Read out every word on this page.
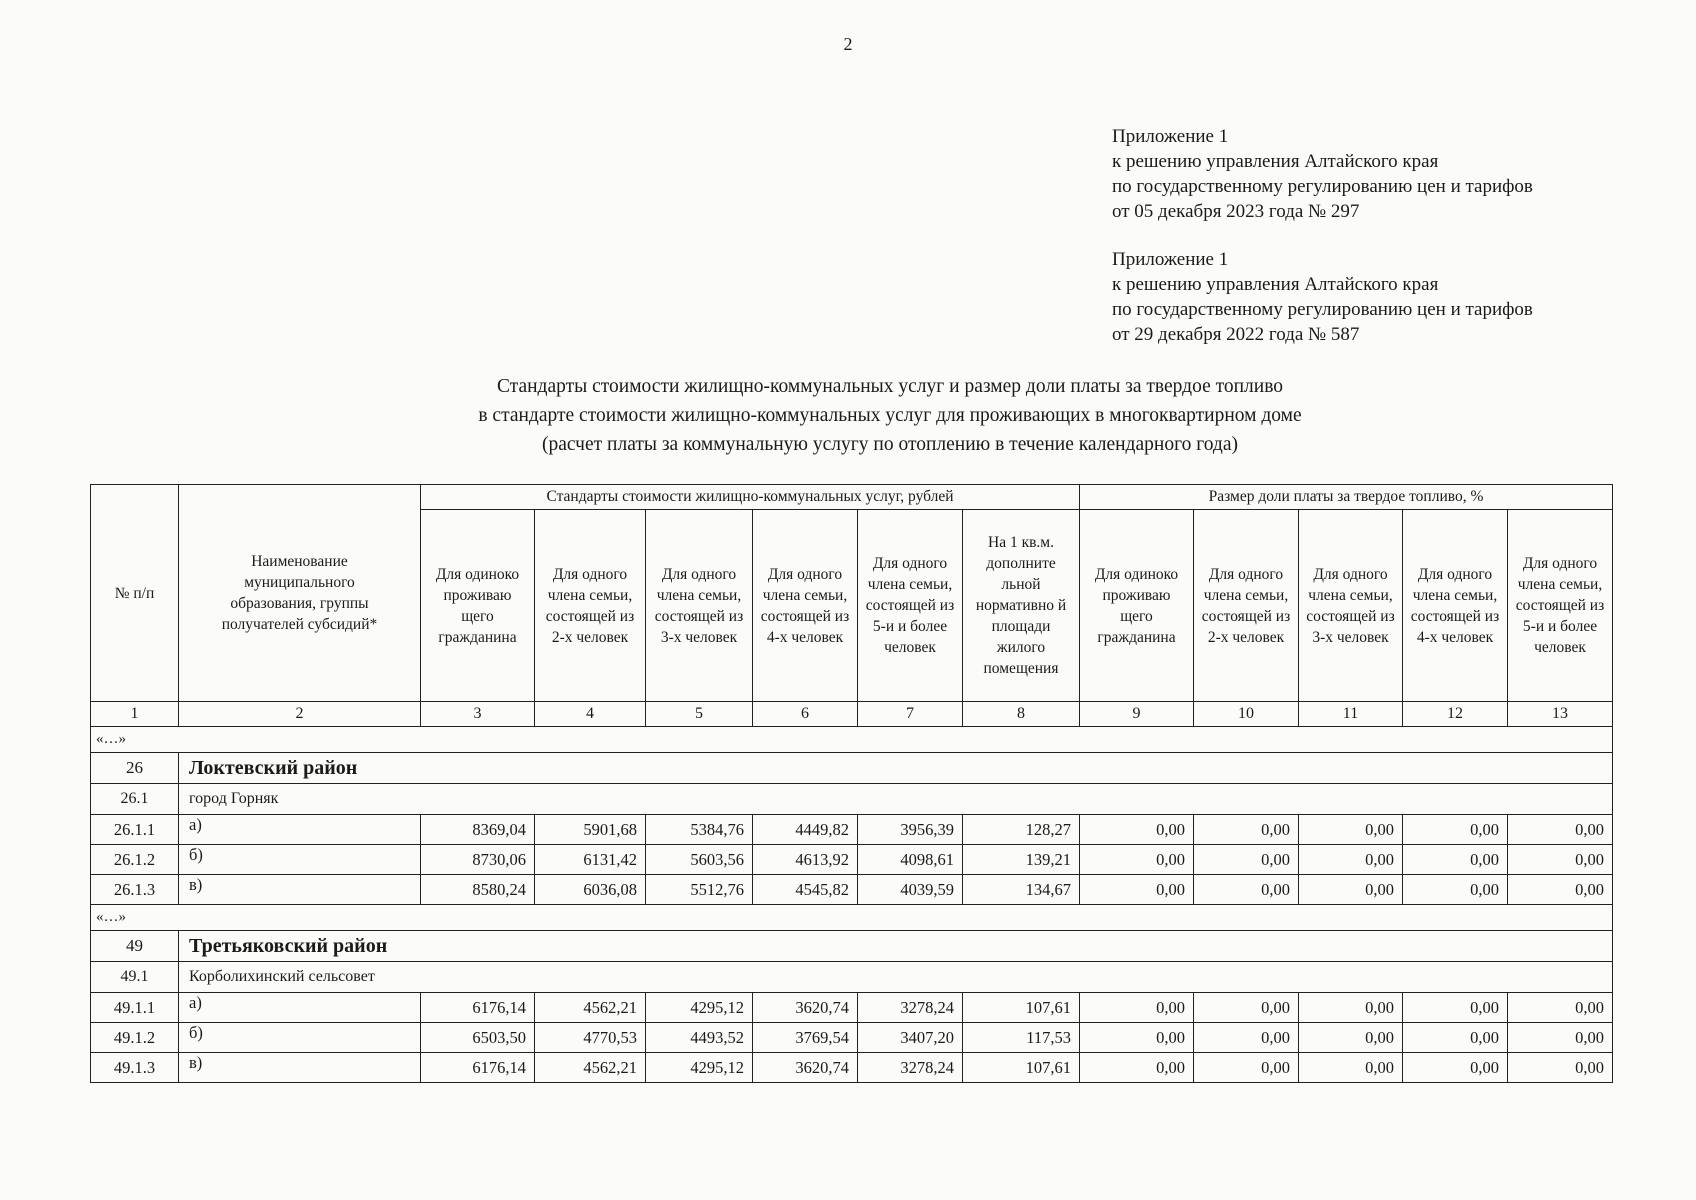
2
Приложение 1
к решению управления Алтайского края
по государственному регулированию цен и тарифов
от 05 декабря 2023 года № 297
Приложение 1
к решению управления Алтайского края
по государственному регулированию цен и тарифов
от 29 декабря 2022 года № 587
Стандарты стоимости жилищно-коммунальных услуг и размер доли платы за твердое топливо
в стандарте стоимости жилищно-коммунальных услуг для проживающих в многоквартирном доме
(расчет платы за коммунальную услугу по отоплению в течение календарного года)
№ п/п	Наименование муниципального образования, группы получателей субсидий*	Стандарты стоимости жилищно-коммунальных услуг, рублей						Размер доли платы за твердое топливо, %				
		Для одиноко проживаю щего гражданина	Для одного члена семьи, состоящей из 2-х человек	Для одного члена семьи, состоящей из 3-х человек	Для одного члена семьи, состоящей из 4-х человек	Для одного члена семьи, состоящей из 5-и и более человек	На 1 кв.м. дополните льной нормативно й площади жилого помещения	Для одиноко проживаю щего гражданина	Для одного члена семьи, состоящей из 2-х человек	Для одного члена семьи, состоящей из 3-х человек	Для одного члена семьи, состоящей из 4-х человек	Для одного члена семьи, состоящей из 5-и и более человек
1	2	3	4	5	6	7	8	9	10	11	12	13
«…»												
26	Локтевский район											
26.1	город Горняк											
26.1.1	а)	8369,04	5901,68	5384,76	4449,82	3956,39	128,27	0,00	0,00	0,00	0,00	0,00
26.1.2	б)	8730,06	6131,42	5603,56	4613,92	4098,61	139,21	0,00	0,00	0,00	0,00	0,00
26.1.3	в)	8580,24	6036,08	5512,76	4545,82	4039,59	134,67	0,00	0,00	0,00	0,00	0,00
«…»												
49	Третьяковский район											
49.1	Корболихинский сельсовет											
49.1.1	а)	6176,14	4562,21	4295,12	3620,74	3278,24	107,61	0,00	0,00	0,00	0,00	0,00
49.1.2	б)	6503,50	4770,53	4493,52	3769,54	3407,20	117,53	0,00	0,00	0,00	0,00	0,00
49.1.3	в)	6176,14	4562,21	4295,12	3620,74	3278,24	107,61	0,00	0,00	0,00	0,00	0,00
